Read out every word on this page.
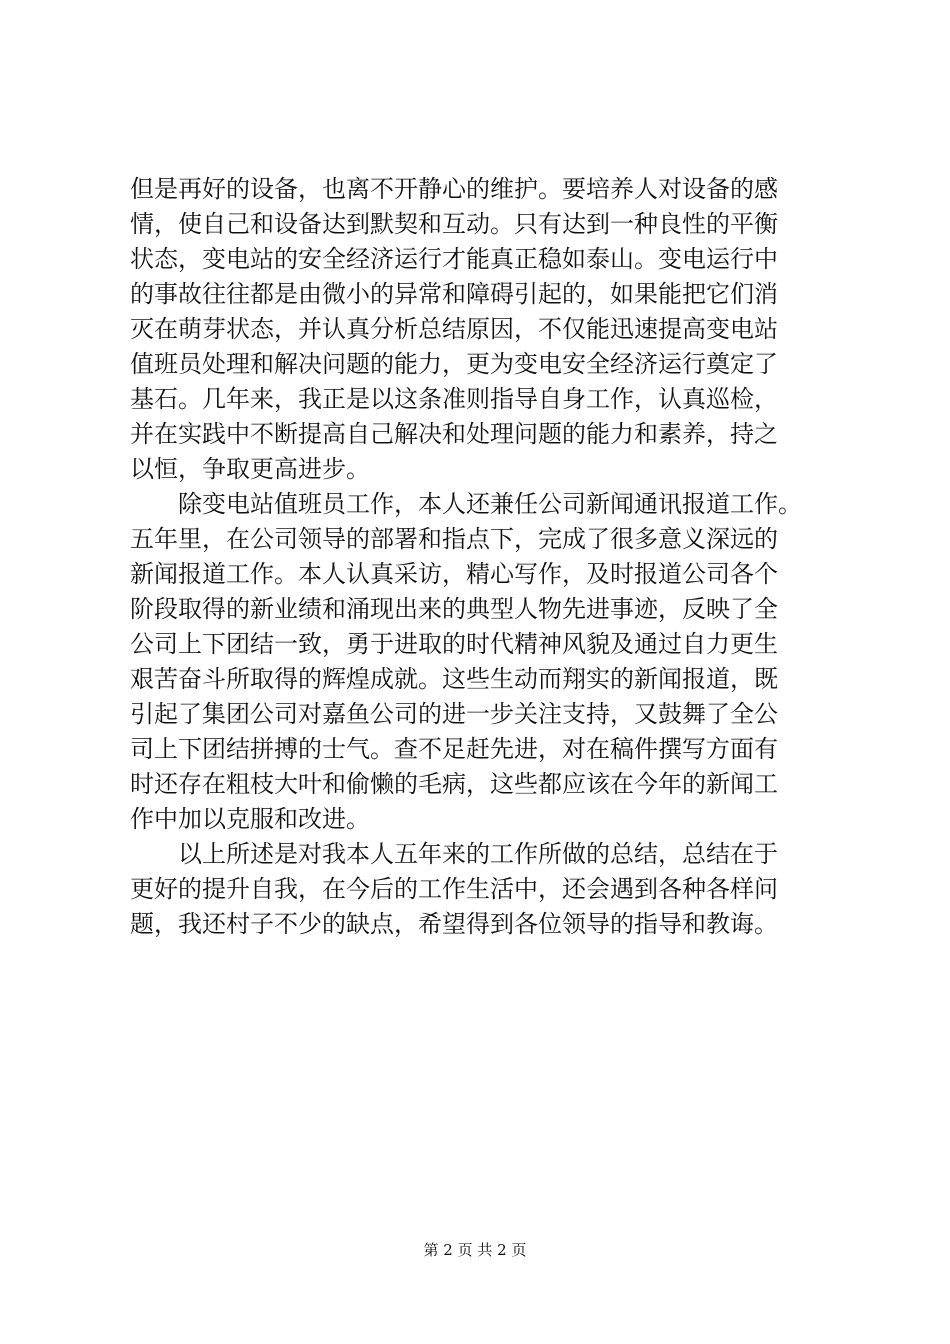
但是再好的设备，也离不开静心的维护。要培养人对设备的感
情，使自己和设备达到默契和互动。只有达到一种良性的平衡
状态，变电站的安全经济运行才能真正稳如泰山。变电运行中
的事故往往都是由微小的异常和障碍引起的，如果能把它们消
灭在萌芽状态，并认真分析总结原因，不仅能迅速提高变电站
值班员处理和解决问题的能力，更为变电安全经济运行奠定了
基石。几年来，我正是以这条准则指导自身工作，认真巡检，
并在实践中不断提高自己解决和处理问题的能力和素养，持之
以恒，争取更高进步。
除变电站值班员工作，本人还兼任公司新闻通讯报道工作。
五年里，在公司领导的部署和指点下，完成了很多意义深远的
新闻报道工作。本人认真采访，精心写作，及时报道公司各个
阶段取得的新业绩和涌现出来的典型人物先进事迹，反映了全
公司上下团结一致，勇于进取的时代精神风貌及通过自力更生
艰苦奋斗所取得的辉煌成就。这些生动而翔实的新闻报道，既
引起了集团公司对嘉鱼公司的进一步关注支持，又鼓舞了全公
司上下团结拼搏的士气。查不足赶先进，对在稿件撰写方面有
时还存在粗枝大叶和偷懒的毛病，这些都应该在今年的新闻工
作中加以克服和改进。
以上所述是对我本人五年来的工作所做的总结，总结在于
更好的提升自我，在今后的工作生活中，还会遇到各种各样问
题，我还村子不少的缺点，希望得到各位领导的指导和教诲。
第 2 页 共 2 页
